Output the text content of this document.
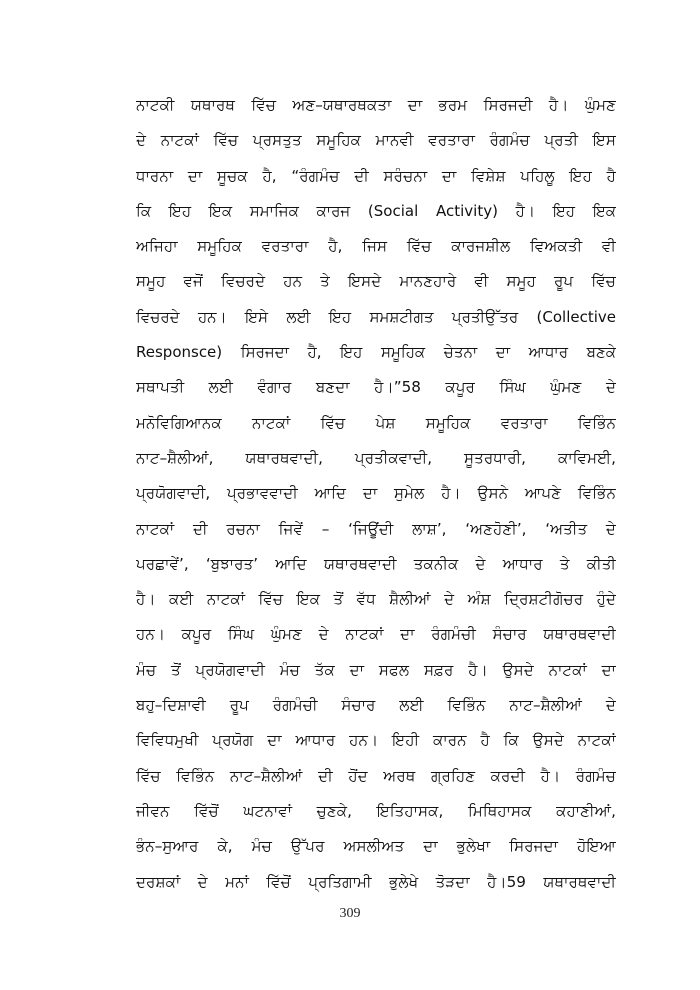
ਨਾਟਕੀ ਯਥਾਰਥ ਵਿੱਚ ਅਣ–ਯਥਾਰਥਕਤਾ ਦਾ ਭਰਮ ਸਿਰਜਦੀ ਹੈ। ਘੁੰਮਣ
ਦੇ ਨਾਟਕਾਂ ਵਿੱਚ ਪ੍ਰਸਤੁਤ ਸਮੂਹਿਕ ਮਾਨਵੀ ਵਰਤਾਰਾ ਰੰਗਮੰਚ ਪ੍ਰਤੀ ਇਸ
ਧਾਰਨਾ ਦਾ ਸੂਚਕ ਹੈ, “ਰੰਗਮੰਚ ਦੀ ਸਰੰਚਨਾ ਦਾ ਵਿਸ਼ੇਸ਼ ਪਹਿਲੂ ਇਹ ਹੈ
ਕਿ ਇਹ ਇਕ ਸਮਾਜਿਕ ਕਾਰਜ (Social Activity) ਹੈ। ਇਹ ਇਕ
ਅਜਿਹਾ ਸਮੂਹਿਕ ਵਰਤਾਰਾ ਹੈ, ਜਿਸ ਵਿੱਚ ਕਾਰਜਸ਼ੀਲ ਵਿਅਕਤੀ ਵੀ
ਸਮੂਹ ਵਜੋਂ ਵਿਚਰਦੇ ਹਨ ਤੇ ਇਸਦੇ ਮਾਨਣਹਾਰੇ ਵੀ ਸਮੂਹ ਰੂਪ ਵਿੱਚ
ਵਿਚਰਦੇ ਹਨ। ਇਸੇ ਲਈ ਇਹ ਸਮਸ਼ਟੀਗਤ ਪ੍ਰਤੀਉੱਤਰ (Collective
Responsce) ਸਿਰਜਦਾ ਹੈ, ਇਹ ਸਮੂਹਿਕ ਚੇਤਨਾ ਦਾ ਆਧਾਰ ਬਣਕੇ
ਸਥਾਪਤੀ ਲਈ ਵੰਗਾਰ ਬਣਦਾ ਹੈ।”58 ਕਪੂਰ ਸਿੰਘ ਘੁੰਮਣ ਦੇ
ਮਨੋਵਿਗਿਆਨਕ ਨਾਟਕਾਂ ਵਿੱਚ ਪੇਸ਼ ਸਮੂਹਿਕ ਵਰਤਾਰਾ ਵਿਭਿੰਨ
ਨਾਟ–ਸ਼ੈਲੀਆਂ, ਯਥਾਰਥਵਾਦੀ, ਪ੍ਰਤੀਕਵਾਦੀ, ਸੂਤਰਧਾਰੀ, ਕਾਵਿਮਈ,
ਪ੍ਰਯੋਗਵਾਦੀ, ਪ੍ਰਭਾਵਵਾਦੀ ਆਦਿ ਦਾ ਸੁਮੇਲ ਹੈ। ਉਸਨੇ ਆਪਣੇ ਵਿਭਿੰਨ
ਨਾਟਕਾਂ ਦੀ ਰਚਨਾ ਜਿਵੇਂ – ‘ਜਿਊਂਦੀ ਲਾਸ਼’, ‘ਅਣਹੋਣੀ’, ‘ਅਤੀਤ ਦੇ
ਪਰਛਾਵੇਂ’, ‘ਬੁਝਾਰਤ’ ਆਦਿ ਯਥਾਰਥਵਾਦੀ ਤਕਨੀਕ ਦੇ ਆਧਾਰ ਤੇ ਕੀਤੀ
ਹੈ। ਕਈ ਨਾਟਕਾਂ ਵਿੱਚ ਇਕ ਤੋਂ ਵੱਧ ਸ਼ੈਲੀਆਂ ਦੇ ਅੰਸ਼ ਦ੍ਰਿਸ਼ਟੀਗੋਚਰ ਹੁੰਦੇ
ਹਨ। ਕਪੂਰ ਸਿੰਘ ਘੁੰਮਣ ਦੇ ਨਾਟਕਾਂ ਦਾ ਰੰਗਮੰਚੀ ਸੰਚਾਰ ਯਥਾਰਥਵਾਦੀ
ਮੰਚ ਤੋਂ ਪ੍ਰਯੋਗਵਾਦੀ ਮੰਚ ਤੱਕ ਦਾ ਸਫਲ ਸਫ਼ਰ ਹੈ। ਉਸਦੇ ਨਾਟਕਾਂ ਦਾ
ਬਹੁ–ਦਿਸ਼ਾਵੀ ਰੂਪ ਰੰਗਮੰਚੀ ਸੰਚਾਰ ਲਈ ਵਿਭਿੰਨ ਨਾਟ–ਸ਼ੈਲੀਆਂ ਦੇ
ਵਿਵਿਧਮੁਖੀ ਪ੍ਰਯੋਗ ਦਾ ਆਧਾਰ ਹਨ। ਇਹੀ ਕਾਰਨ ਹੈ ਕਿ ਉਸਦੇ ਨਾਟਕਾਂ
ਵਿੱਚ ਵਿਭਿੰਨ ਨਾਟ–ਸ਼ੈਲੀਆਂ ਦੀ ਹੋਂਦ ਅਰਥ ਗ੍ਰਹਿਣ ਕਰਦੀ ਹੈ। ਰੰਗਮੰਚ
ਜੀਵਨ ਵਿੱਚੋਂ ਘਟਨਾਵਾਂ ਚੁਣਕੇ, ਇਤਿਹਾਸਕ, ਮਿਥਿਹਾਸਕ ਕਹਾਣੀਆਂ,
ਭੰਨ–ਸੁਆਰ ਕੇ, ਮੰਚ ਉੱਪਰ ਅਸਲੀਅਤ ਦਾ ਭੁਲੇਖਾ ਸਿਰਜਦਾ ਹੋਇਆ
ਦਰਸ਼ਕਾਂ ਦੇ ਮਨਾਂ ਵਿੱਚੋਂ ਪ੍ਰਤਿਗਾਮੀ ਭੁਲੇਖੇ ਤੋੜਦਾ ਹੈ।59 ਯਥਾਰਥਵਾਦੀ
309
